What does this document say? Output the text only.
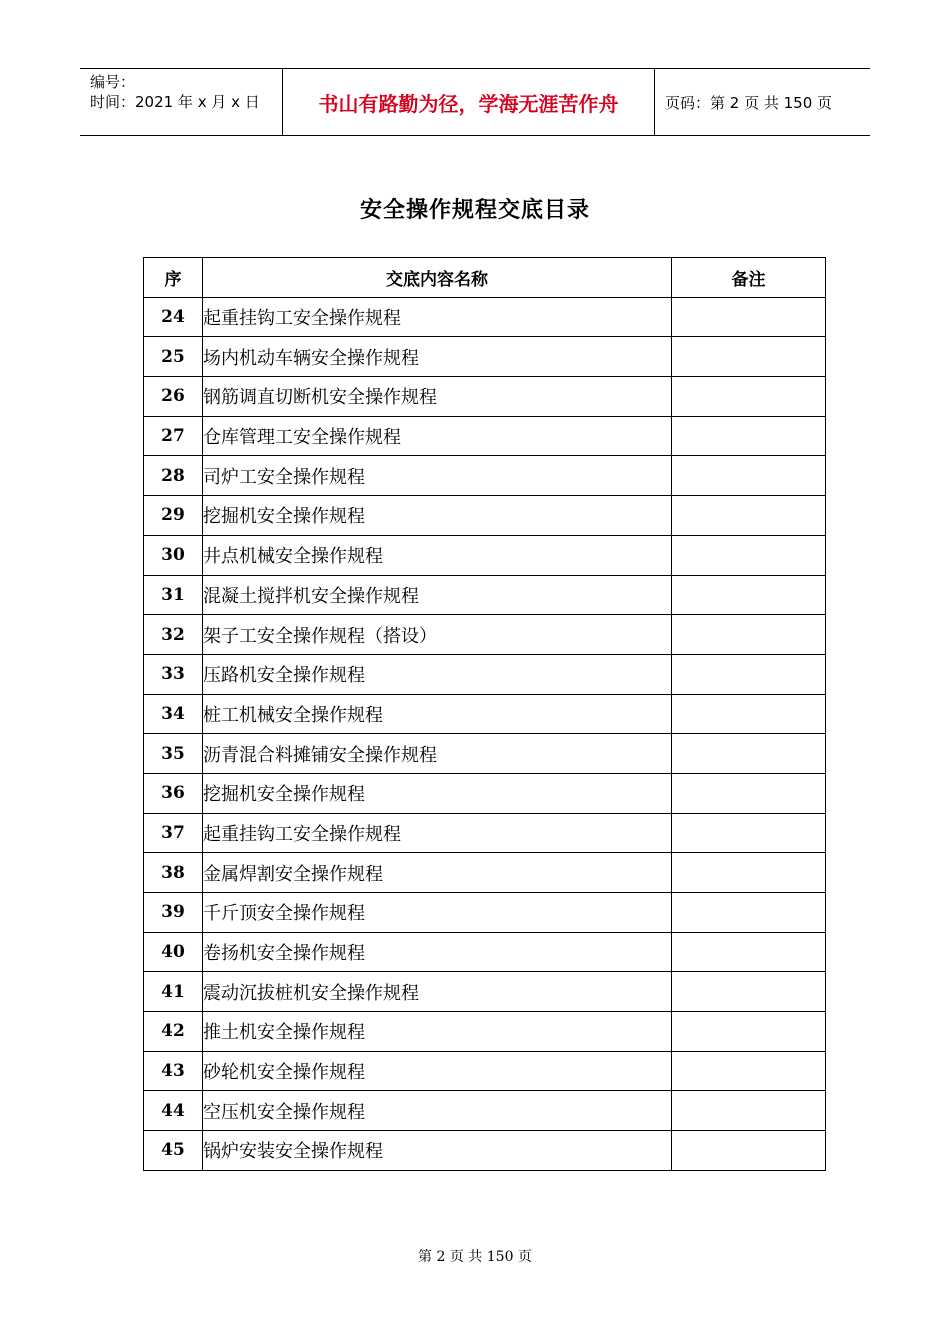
编号：
时间：2021 年 x 月 x 日	书山有路勤为径，学海无涯苦作舟	页码：第 2 页 共 150 页
安全操作规程交底目录
序	交底内容名称	备注
24	起重挂钩工安全操作规程	
25	场内机动车辆安全操作规程	
26	钢筋调直切断机安全操作规程	
27	仓库管理工安全操作规程	
28	司炉工安全操作规程	
29	挖掘机安全操作规程	
30	井点机械安全操作规程	
31	混凝土搅拌机安全操作规程	
32	架子工安全操作规程（搭设）	
33	压路机安全操作规程	
34	桩工机械安全操作规程	
35	沥青混合料摊铺安全操作规程	
36	挖掘机安全操作规程	
37	起重挂钩工安全操作规程	
38	金属焊割安全操作规程	
39	千斤顶安全操作规程	
40	卷扬机安全操作规程	
41	震动沉拔桩机安全操作规程	
42	推土机安全操作规程	
43	砂轮机安全操作规程	
44	空压机安全操作规程	
45	锅炉安装安全操作规程	
第 2 页 共 150 页
